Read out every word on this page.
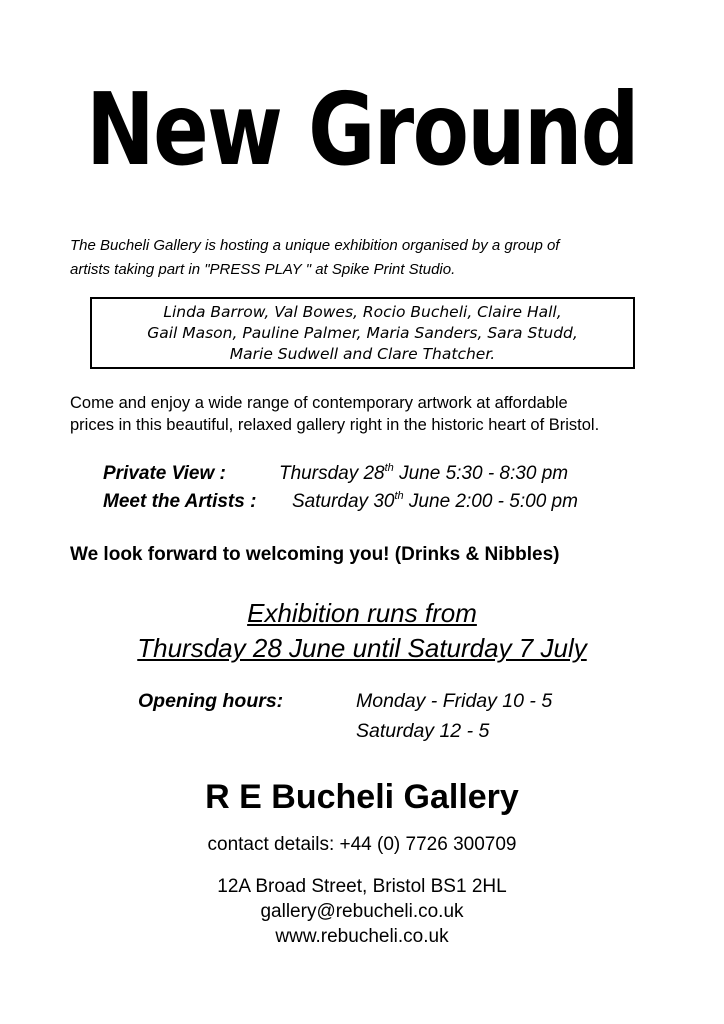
New Ground
The Bucheli Gallery is hosting a unique exhibition organised by a group of
artists taking part in "PRESS PLAY " at Spike Print Studio.
Linda Barrow, Val Bowes, Rocio Bucheli, Claire Hall,
Gail Mason, Pauline Palmer, Maria Sanders, Sara Studd,
Marie Sudwell and Clare Thatcher.
Come and enjoy a wide range of contemporary artwork at affordable
prices in this beautiful, relaxed gallery right in the historic heart of Bristol.
Private View :	Thursday 28th June 5:30 - 8:30 pm
Meet the Artists : Saturday 30th June 2:00 - 5:00 pm
We look forward to welcoming you! (Drinks & Nibbles)
Exhibition runs from
Thursday 28 June until Saturday 7 July
Opening hours:	Monday - Friday 10 - 5
Saturday 12 - 5
R E Bucheli Gallery
contact details: +44 (0) 7726 300709
12A Broad Street, Bristol BS1 2HL
gallery@rebucheli.co.uk
www.rebucheli.co.uk
